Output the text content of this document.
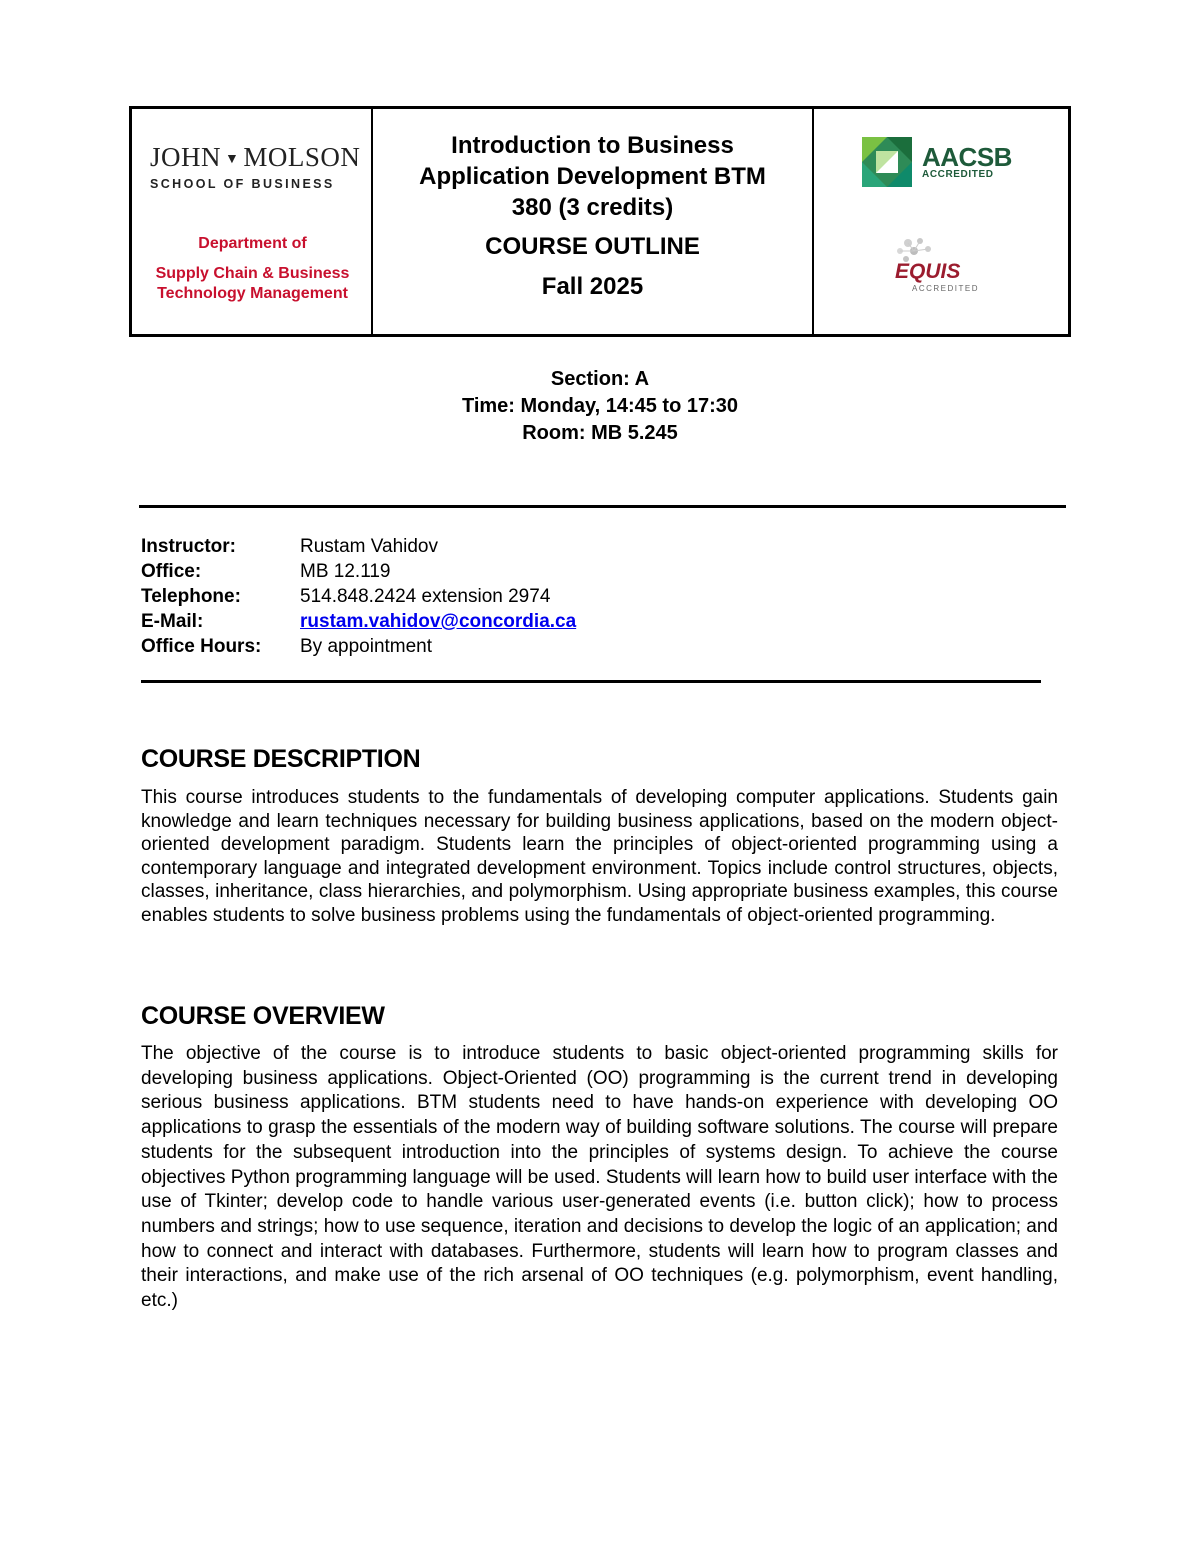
JOHN ▼ MOLSON
SCHOOL OF BUSINESS
Department of
Supply Chain & Business
Technology Management
Introduction to Business
Application Development BTM
380 (3 credits)
COURSE OUTLINE
Fall 2025
AACSB
ACCREDITED
EQUIS
ACCREDITED
Section: A
Time: Monday, 14:45 to 17:30
Room: MB 5.245
Instructor:	Rustam Vahidov
Office:	MB 12.119
Telephone:	514.848.2424 extension 2974
E-Mail:	rustam.vahidov@concordia.ca
Office Hours:	By appointment
COURSE DESCRIPTION

This course introduces students to the fundamentals of developing computer applications. Students gain knowledge and learn techniques necessary for building business applications, based on the modern object-oriented development paradigm. Students learn the principles of object-oriented programming using a contemporary language and integrated development environment. Topics include control structures, objects, classes, inheritance, class hierarchies, and polymorphism. Using appropriate business examples, this course enables students to solve business problems using the fundamentals of object-oriented programming.

COURSE OVERVIEW

The objective of the course is to introduce students to basic object-oriented programming skills for developing business applications. Object-Oriented (OO) programming is the current trend in developing serious business applications. BTM students need to have hands-on experience with developing OO applications to grasp the essentials of the modern way of building software solutions. The course will prepare students for the subsequent introduction into the principles of systems design. To achieve the course objectives Python programming language will be used. Students will learn how to build user interface with the use of Tkinter; develop code to handle various user-generated events (i.e. button click); how to process numbers and strings; how to use sequence, iteration and decisions to develop the logic of an application; and how to connect and interact with databases. Furthermore, students will learn how to program classes and their interactions, and make use of the rich arsenal of OO techniques (e.g. polymorphism, event handling, etc.)
